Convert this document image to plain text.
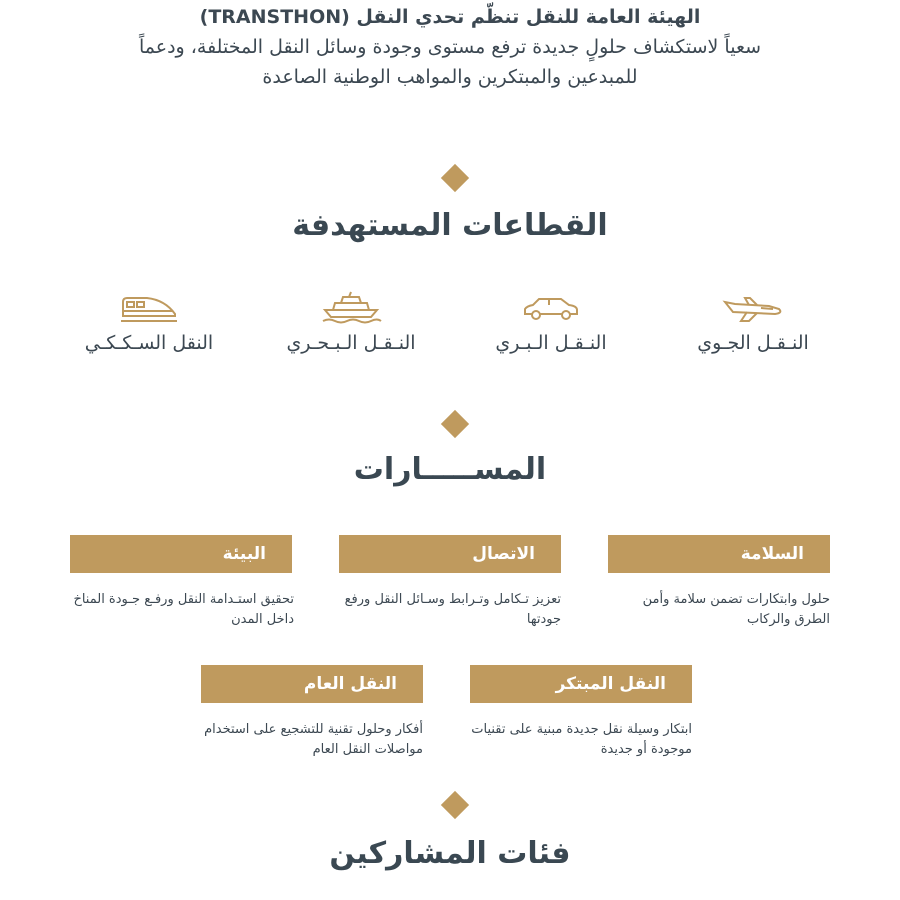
الهيئة العامة للنقل تنظّم تحدي النقل (TRANSTHON)
سعياً لاستكشاف حلولٍ جديدة ترفع مستوى وجودة وسائل النقل المختلفة، ودعماً
للمبدعين والمبتكرين والمواهب الوطنية الصاعدة
القطاعات المستهدفة
النـقـل الجـوي
النـقـل الـبـري
النـقـل الـبـحـري
النقل السـكـكـي
المســـــارات
السلامة
حلول وابتكارات تضمن سلامة وأمن الطرق والركاب
الاتصال
تعزيز تـكامل وتـرابط وسـائل النقل ورفع جودتها
البيئة
تحقيق استـدامة النقل ورفـع جـودة المناخ داخل المدن
النقل المبتكر
ابتكار وسيلة نقل جديدة مبنية على تقنيات موجودة أو جديدة
النقل العام
أفكار وحلول تقنية للتشجيع على استخدام مواصلات النقل العام
فئات المشاركين
